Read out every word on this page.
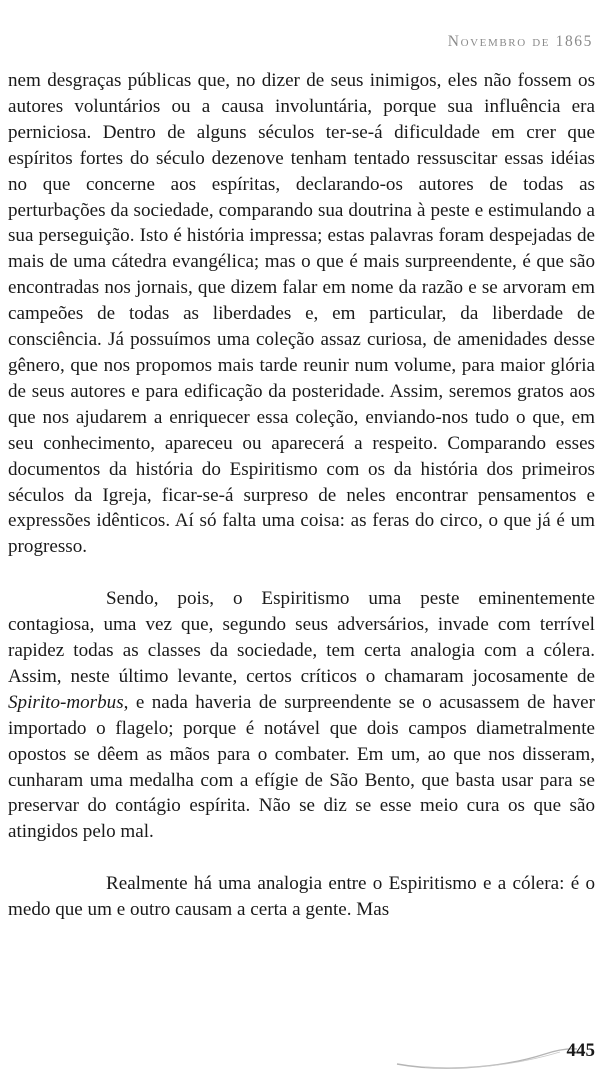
Novembro de 1865

nem desgraças públicas que, no dizer de seus inimigos, eles não fossem os autores voluntários ou a causa involuntária, porque sua influência era perniciosa. Dentro de alguns séculos ter-se-á dificuldade em crer que espíritos fortes do século dezenove tenham tentado ressuscitar essas idéias no que concerne aos espíritas, declarando-os autores de todas as perturbações da sociedade, comparando sua doutrina à peste e estimulando a sua perseguição. Isto é história impressa; estas palavras foram despejadas de mais de uma cátedra evangélica; mas o que é mais surpreendente, é que são encontradas nos jornais, que dizem falar em nome da razão e se arvoram em campeões de todas as liberdades e, em particular, da liberdade de consciência. Já possuímos uma coleção assaz curiosa, de amenidades desse gênero, que nos propomos mais tarde reunir num volume, para maior glória de seus autores e para edificação da posteridade. Assim, seremos gratos aos que nos ajudarem a enriquecer essa coleção, enviando-nos tudo o que, em seu conhecimento, apareceu ou aparecerá a respeito. Comparando esses documentos da história do Espiritismo com os da história dos primeiros séculos da Igreja, ficar-se-á surpreso de neles encontrar pensamentos e expressões idênticos. Aí só falta uma coisa: as feras do circo, o que já é um progresso.

Sendo, pois, o Espiritismo uma peste eminentemente contagiosa, uma vez que, segundo seus adversários, invade com terrível rapidez todas as classes da sociedade, tem certa analogia com a cólera. Assim, neste último levante, certos críticos o chamaram jocosamente de Spirito-morbus, e nada haveria de surpreendente se o acusassem de haver importado o flagelo; porque é notável que dois campos diametralmente opostos se dêem as mãos para o combater. Em um, ao que nos disseram, cunharam uma medalha com a efígie de São Bento, que basta usar para se preservar do contágio espírita. Não se diz se esse meio cura os que são atingidos pelo mal.

Realmente há uma analogia entre o Espiritismo e a cólera: é o medo que um e outro causam a certa a gente. Mas

445
